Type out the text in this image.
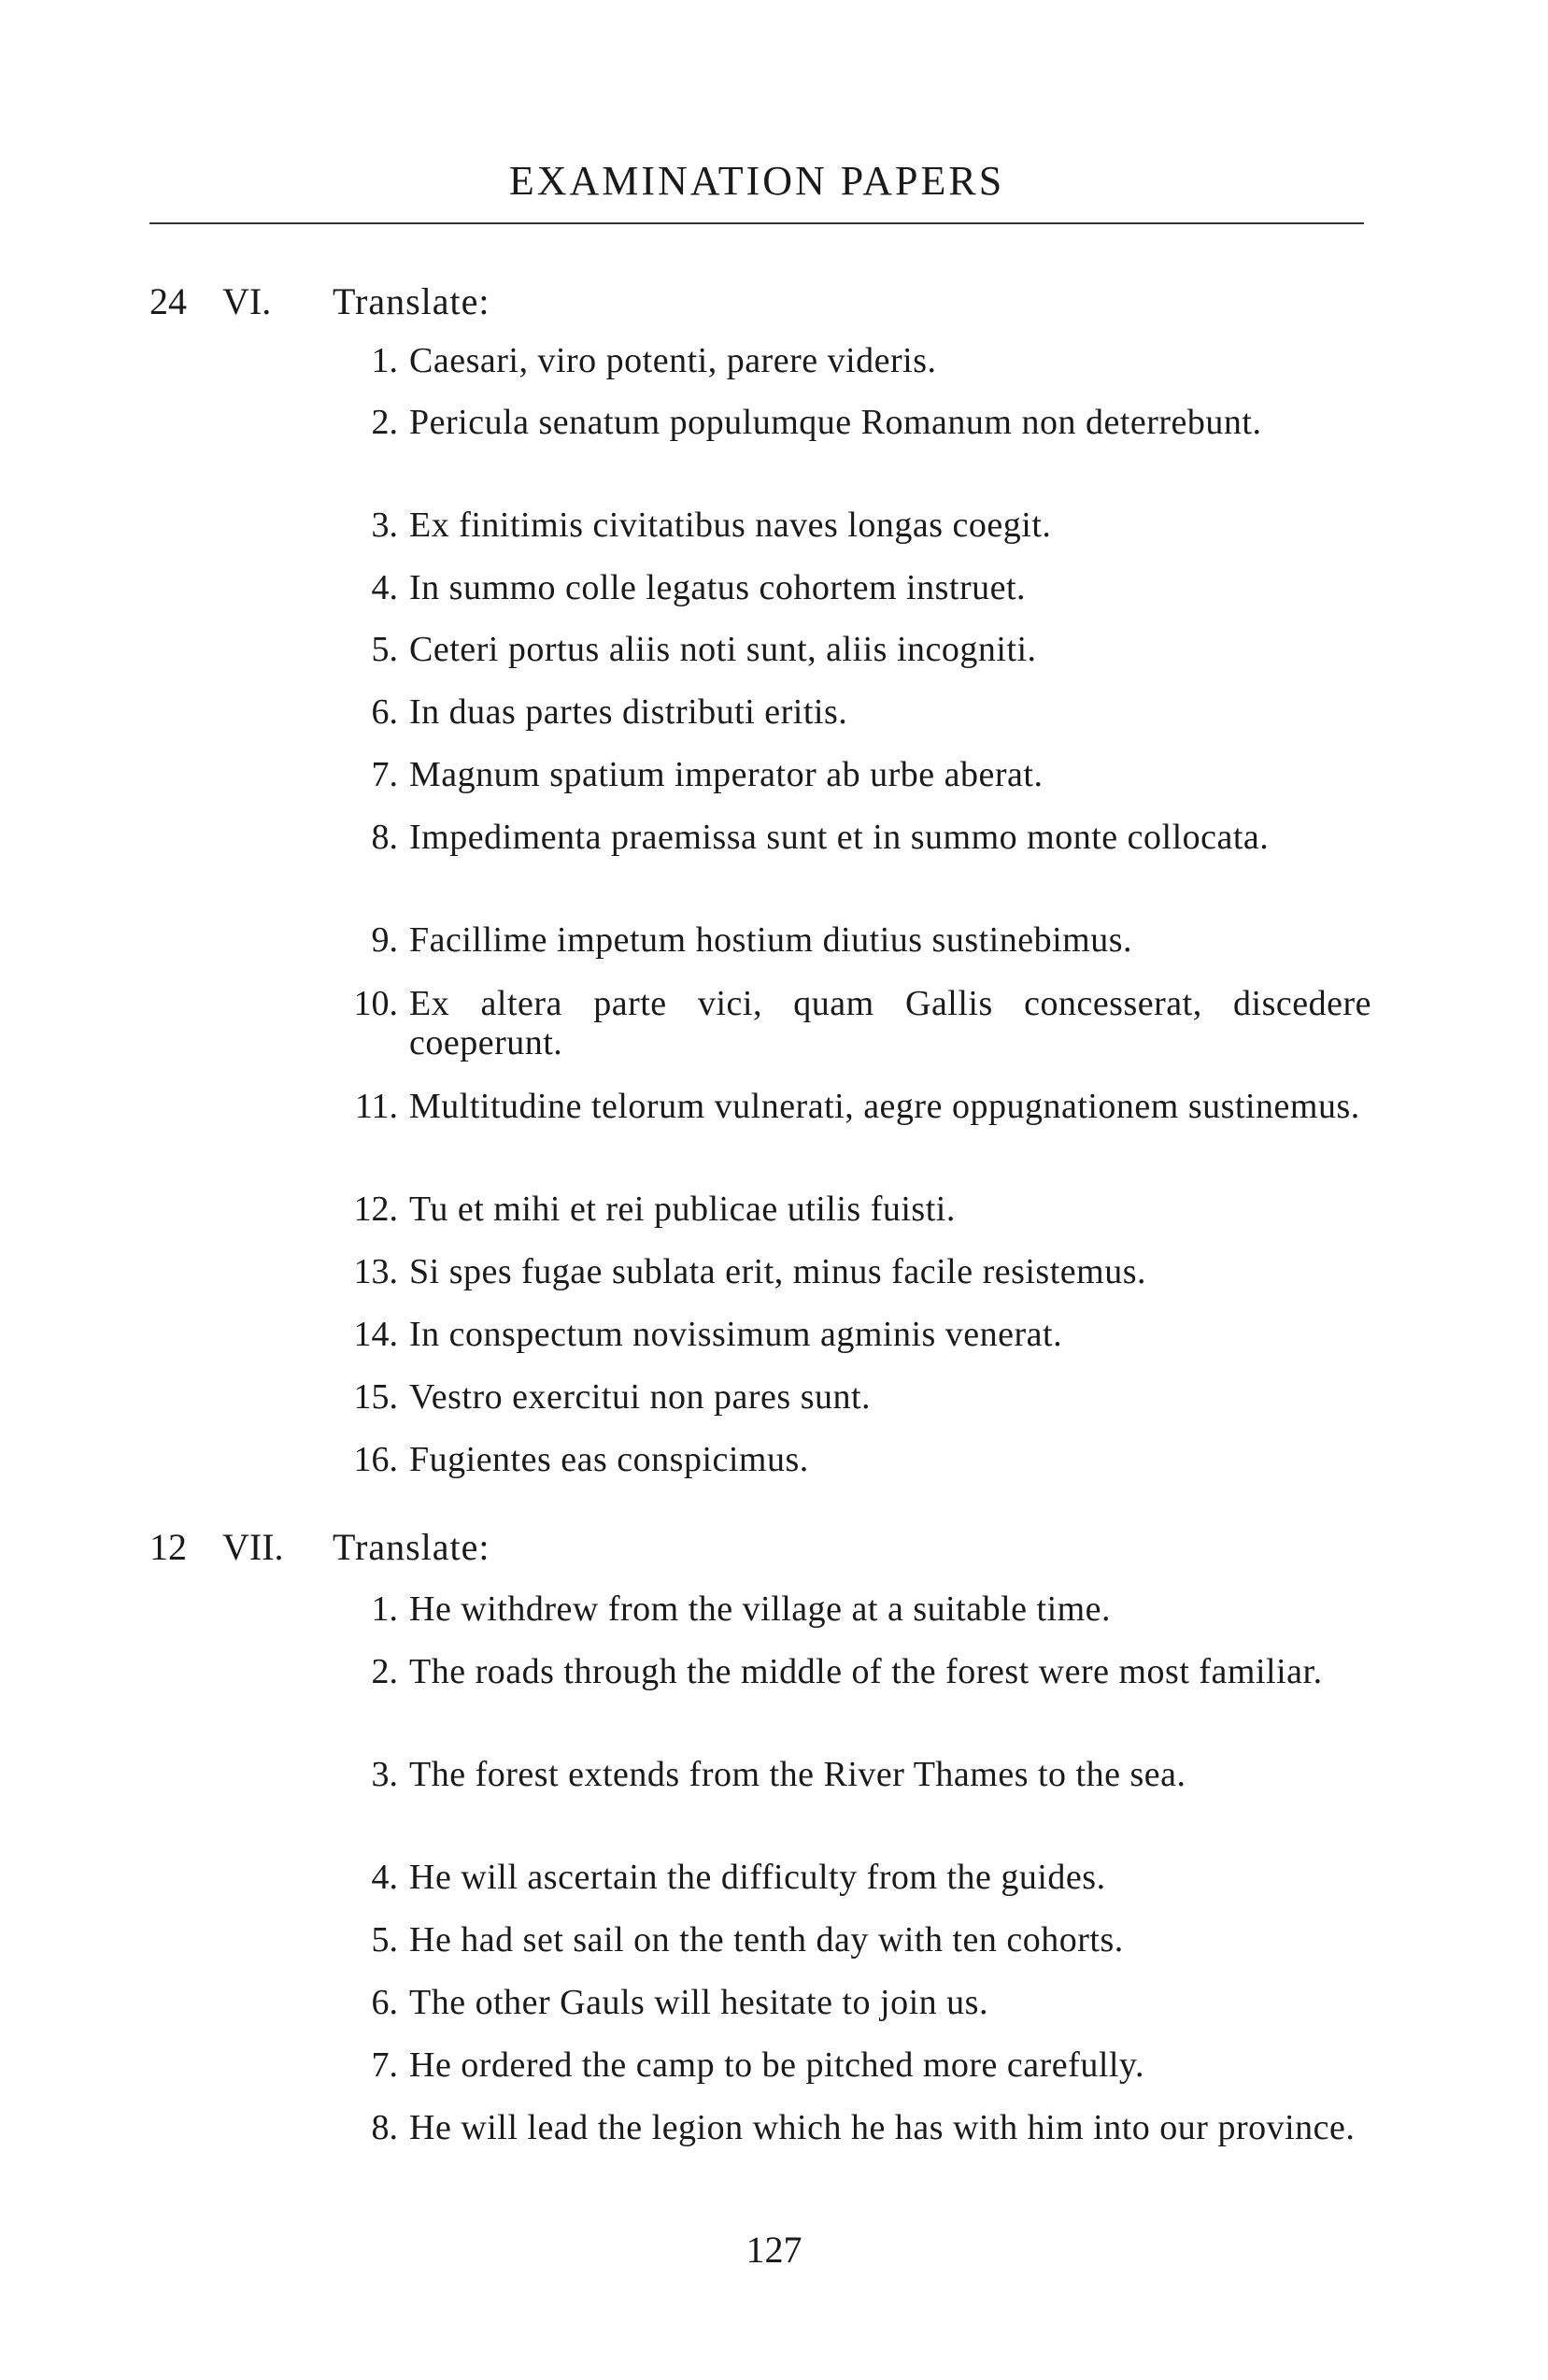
EXAMINATION PAPERS
24 VI.	Translate:
1. Caesari, viro potenti, parere videris.
2. Pericula senatum populumque Romanum non deterrebunt.
3. Ex finitimis civitatibus naves longas coegit.
4. In summo colle legatus cohortem instruet.
5. Ceteri portus aliis noti sunt, aliis incogniti.
6. In duas partes distributi eritis.
7. Magnum spatium imperator ab urbe aberat.
8. Impedimenta praemissa sunt et in summo monte collocata.
9. Facillime impetum hostium diutius sustinebimus.
10. Ex altera parte vici, quam Gallis concesserat, discedere coeperunt.
11. Multitudine telorum vulnerati, aegre oppugnationem sustinemus.
12. Tu et mihi et rei publicae utilis fuisti.
13. Si spes fugae sublata erit, minus facile resistemus.
14. In conspectum novissimum agminis venerat.
15. Vestro exercitui non pares sunt.
16. Fugientes eas conspicimus.
12 VII.	Translate:
1. He withdrew from the village at a suitable time.
2. The roads through the middle of the forest were most familiar.
3. The forest extends from the River Thames to the sea.
4. He will ascertain the difficulty from the guides.
5. He had set sail on the tenth day with ten cohorts.
6. The other Gauls will hesitate to join us.
7. He ordered the camp to be pitched more carefully.
8. He will lead the legion which he has with him into our province.
127
